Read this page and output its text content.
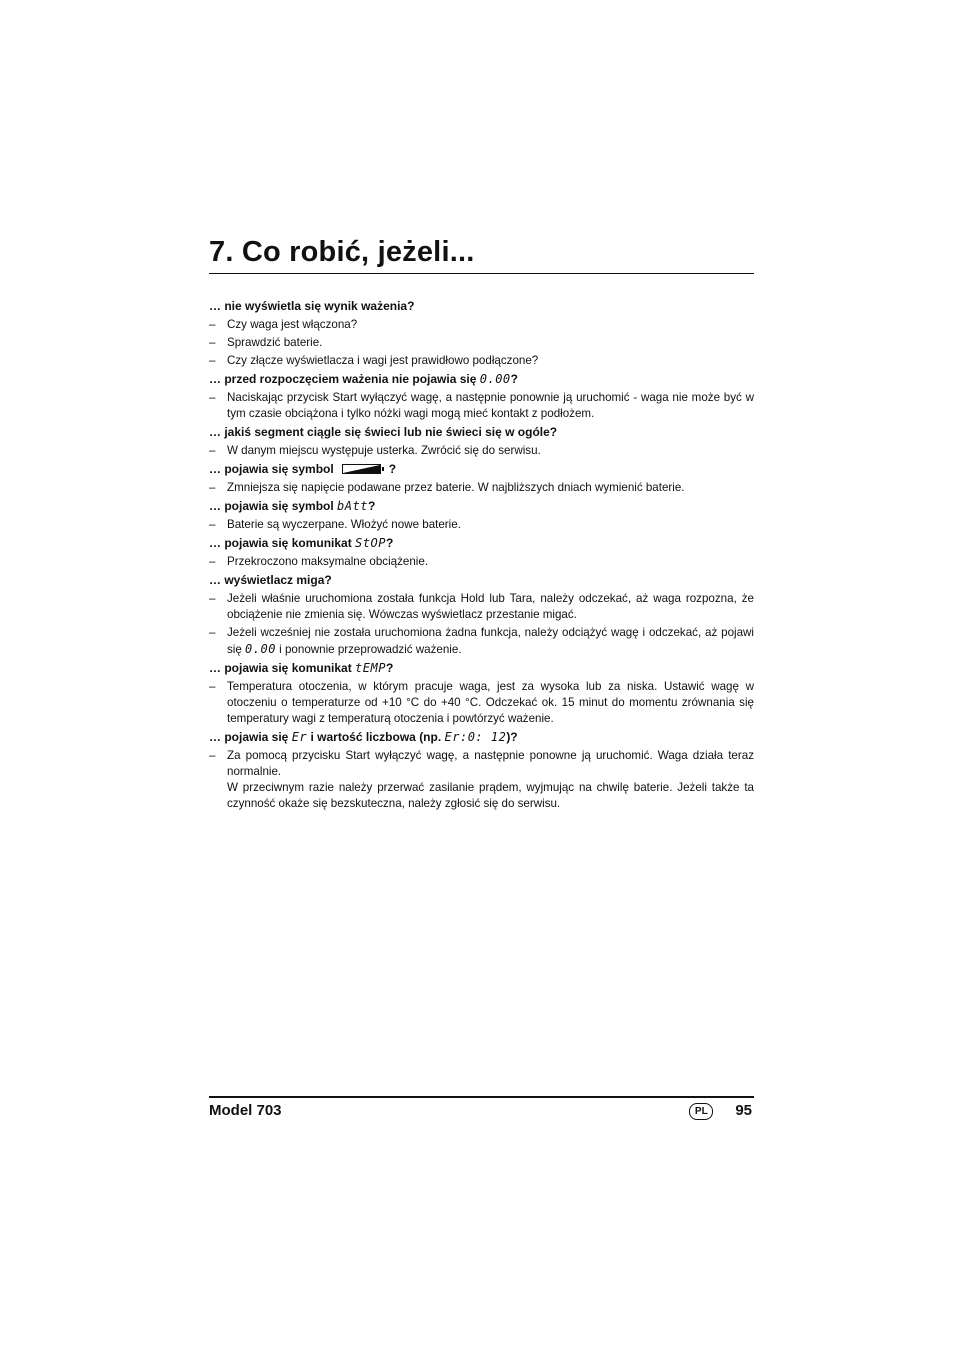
7. Co robić, jeżeli...
… nie wyświetla się wynik ważenia?
– Czy waga jest włączona?
– Sprawdzić baterie.
– Czy złącze wyświetlacza i wagi jest prawidłowo podłączone?
… przed rozpoczęciem ważenia nie pojawia się 0.00?
– Naciskając przycisk Start wyłączyć wagę, a następnie ponownie ją uruchomić - waga nie może być w tym czasie obciążona i tylko nóżki wagi mogą mieć kontakt z podłożem.
… jakiś segment ciągle się świeci lub nie świeci się w ogóle?
– W danym miejscu występuje usterka. Zwrócić się do serwisu.
… pojawia się symbol	?
– Zmniejsza się napięcie podawane przez baterie. W najbliższych dniach wymienić baterie.
… pojawia się symbol bAtt?
– Baterie są wyczerpane. Włożyć nowe baterie.
… pojawia się komunikat StOP?
– Przekroczono maksymalne obciążenie.
… wyświetlacz miga?
– Jeżeli właśnie uruchomiona została funkcja Hold lub Tara, należy odczekać, aż waga rozpozna, że obciążenie nie zmienia się. Wówczas wyświetlacz przestanie migać.
– Jeżeli wcześniej nie została uruchomiona żadna funkcja, należy odciążyć wagę i odczekać, aż pojawi się 0.00 i ponownie przeprowadzić ważenie.
… pojawia się komunikat tEMP?
– Temperatura otoczenia, w którym pracuje waga, jest za wysoka lub za niska. Ustawić wagę w otoczeniu o temperaturze od +10 °C do +40 °C. Odczekać ok. 15 minut do momentu zrównania się temperatury wagi z temperaturą otoczenia i powtórzyć ważenie.
… pojawia się Er i wartość liczbowa (np. Er:0: 12)?
– Za pomocą przycisku Start wyłączyć wagę, a następnie ponowne ją uruchomić. Waga działa teraz normalnie.
W przeciwnym razie należy przerwać zasilanie prądem, wyjmując na chwilę baterie. Jeżeli także ta czynność okaże się bezskuteczna, należy zgłosić się do serwisu.
Model 703	PL	95
